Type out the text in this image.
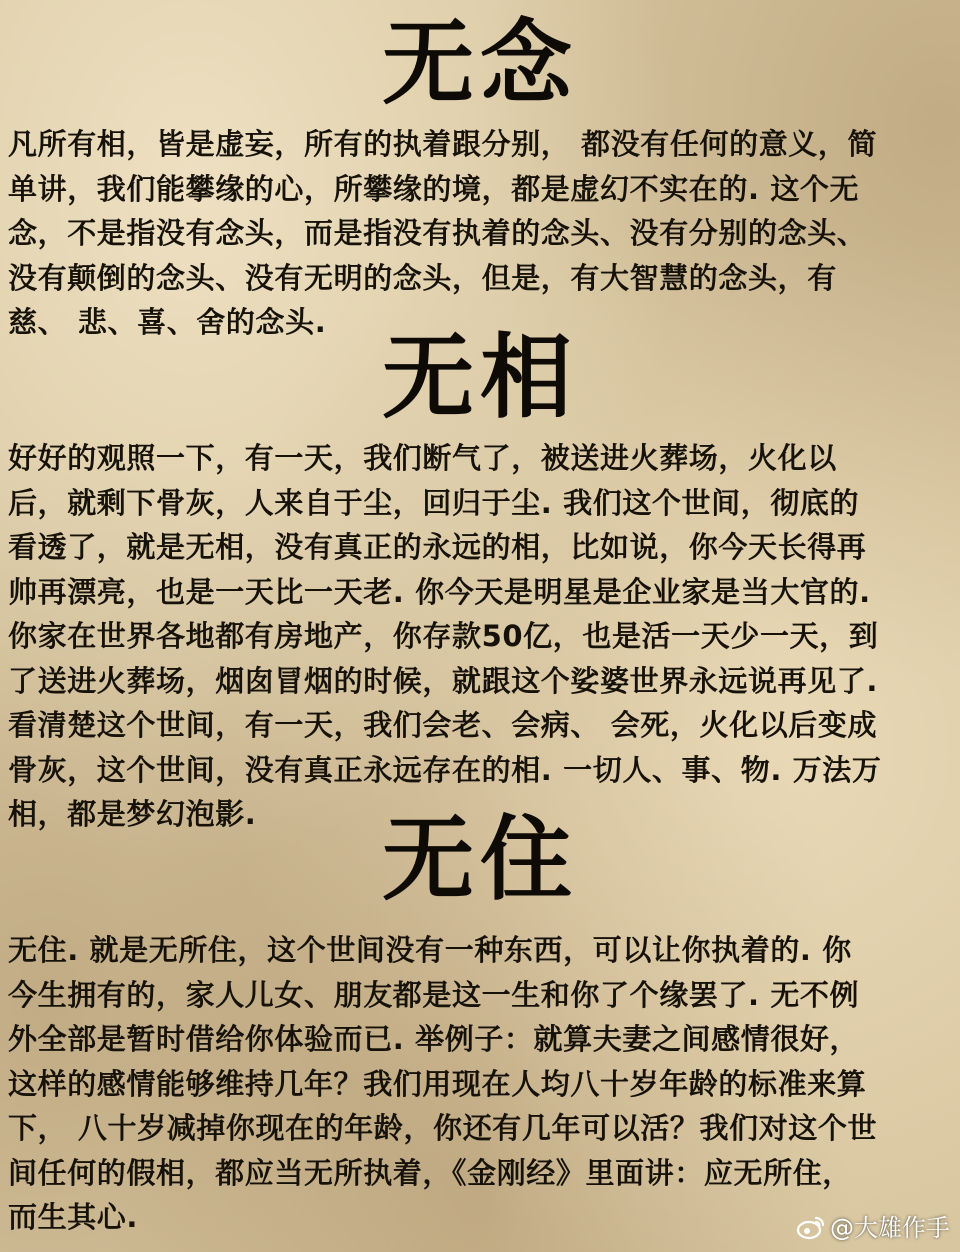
无念
凡所有相，皆是虚妄，所有的执着跟分别， 都没有任何的意义，简
单讲，我们能攀缘的心，所攀缘的境，都是虚幻不实在的. 这个无
念，不是指没有念头，而是指没有执着的念头、没有分别的念头、
没有颠倒的念头、没有无明的念头，但是，有大智慧的念头，有
慈、 悲、喜、舍的念头.
无相
好好的观照一下，有一天，我们断气了，被送进火葬场，火化以
后，就剩下骨灰，人来自于尘，回归于尘. 我们这个世间，彻底的
看透了，就是无相，没有真正的永远的相，比如说，你今天长得再
帅再漂亮，也是一天比一天老. 你今天是明星是企业家是当大官的.
你家在世界各地都有房地产，你存款50亿，也是活一天少一天，到
了送进火葬场，烟囱冒烟的时候，就跟这个娑婆世界永远说再见了.
看清楚这个世间，有一天，我们会老、会病、 会死，火化以后变成
骨灰，这个世间，没有真正永远存在的相. 一切人、事、物. 万法万
相，都是梦幻泡影.	无住
无住. 就是无所住，这个世间没有一种东西，可以让你执着的. 你
今生拥有的，家人儿女、朋友都是这一生和你了个缘罢了. 无不例
外全部是暂时借给你体验而已. 举例子：就算夫妻之间感情很好，
这样的感情能够维持几年？我们用现在人均八十岁年龄的标准来算
下， 八十岁减掉你现在的年龄，你还有几年可以活？我们对这个世
间任何的假相，都应当无所执着，《金刚经》里面讲：应无所住，
而生其心.	@大雄作手
